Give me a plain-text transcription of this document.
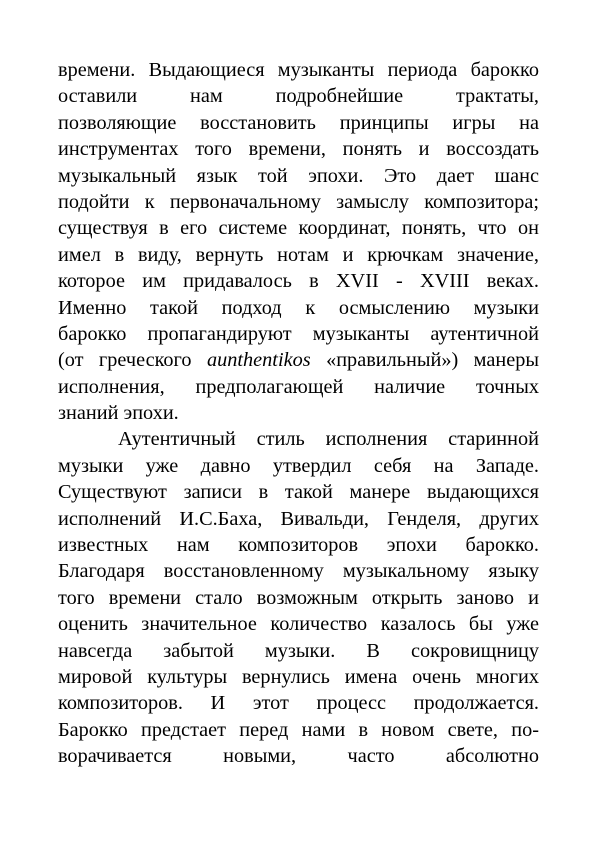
времени. Выдающиеся музыканты периода барокко
оставили нам подробнейшие трактаты,
позволяющие восстановить принципы игры на
инструментах того времени, понять и воссоздать
музыкальный язык той эпохи. Это дает шанс
подойти к первоначальному замыслу композитора;
существуя в его системе координат, понять, что он
имел в виду, вернуть нотам и крючкам значение,
которое им придавалось в XVII - XVIII веках.
Именно такой подход к осмыслению музыки
барокко пропагандируют музыканты аутентичной
(от греческого aunthentikos «правильный») манеры
исполнения, предполагающей наличие точных
знаний эпохи.
Аутентичный стиль исполнения старинной
музыки уже давно утвердил себя на Западе.
Существуют записи в такой манере выдающихся
исполнений И.С.Баха, Вивальди, Генделя, других
известных нам композиторов эпохи барокко.
Благодаря восстановленному музыкальному языку
того времени стало возможным открыть заново и
оценить значительное количество казалось бы уже
навсегда забытой музыки. В сокровищницу
мировой культуры вернулись имена очень многих
композиторов. И этот процесс продолжается.
Барокко предстает перед нами в новом свете, по-
ворачивается новыми, часто абсолютно
